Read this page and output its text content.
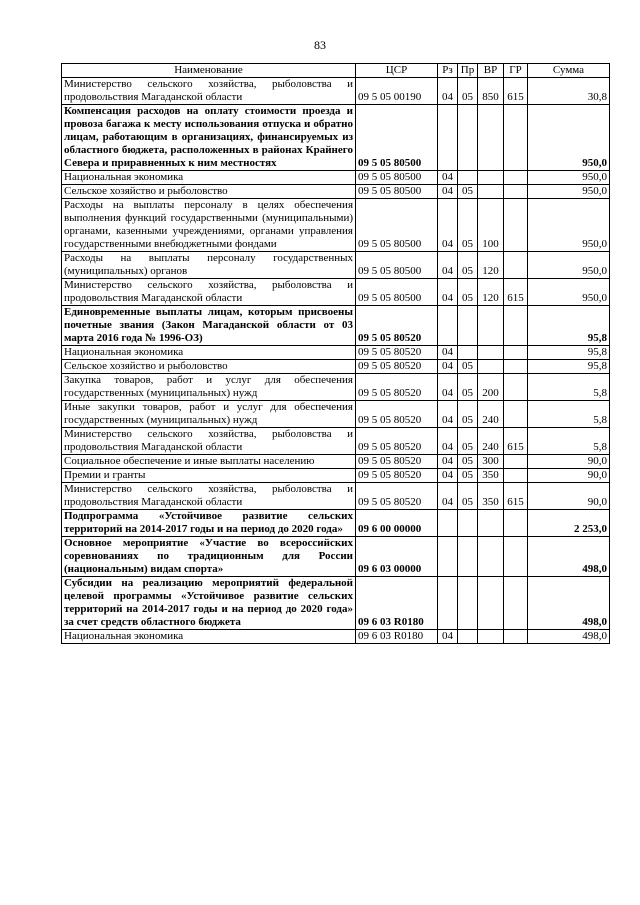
83
Наименование	ЦСР	Рз	Пр	ВР	ГР	Сумма
Министерство сельского хозяйства, рыболовства и продовольствия Магаданской области	09 5 05 00190	04	05	850	615	30,8
Компенсация расходов на оплату стоимости проезда и провоза багажа к месту использования отпуска и обратно лицам, работающим в организациях, финансируемых из областного бюджета, расположенных в районах Крайнего Севера и приравненных к ним местностях	09 5 05 80500					950,0
Национальная экономика	09 5 05 80500	04				950,0
Сельское хозяйство и рыболовство	09 5 05 80500	04	05			950,0
Расходы на выплаты персоналу в целях обеспечения выполнения функций государственными (муниципальными) органами, казенными учреждениями, органами управления государственными внебюджетными фондами	09 5 05 80500	04	05	100		950,0
Расходы на выплаты персоналу государственных (муниципальных) органов	09 5 05 80500	04	05	120		950,0
Министерство сельского хозяйства, рыболовства и продовольствия Магаданской области	09 5 05 80500	04	05	120	615	950,0
Единовременные выплаты лицам, которым присвоены почетные звания (Закон Магаданской области от 03 марта 2016 года № 1996-ОЗ)	09 5 05 80520					95,8
Национальная экономика	09 5 05 80520	04				95,8
Сельское хозяйство и рыболовство	09 5 05 80520	04	05			95,8
Закупка товаров, работ и услуг для обеспечения государственных (муниципальных) нужд	09 5 05 80520	04	05	200		5,8
Иные закупки товаров, работ и услуг для обеспечения государственных (муниципальных) нужд	09 5 05 80520	04	05	240		5,8
Министерство сельского хозяйства, рыболовства и продовольствия Магаданской области	09 5 05 80520	04	05	240	615	5,8
Социальное обеспечение и иные выплаты населению	09 5 05 80520	04	05	300		90,0
Премии и гранты	09 5 05 80520	04	05	350		90,0
Министерство сельского хозяйства, рыболовства и продовольствия Магаданской области	09 5 05 80520	04	05	350	615	90,0
Подпрограмма «Устойчивое развитие сельских территорий на 2014-2017 годы и на период до 2020 года»	09 6 00 00000					2 253,0
Основное мероприятие «Участие во всероссийских соревнованиях по традиционным для России (национальным) видам спорта»	09 6 03 00000					498,0
Субсидии на реализацию мероприятий федеральной целевой программы «Устойчивое развитие сельских территорий на 2014-2017 годы и на период до 2020 года» за счет средств областного бюджета	09 6 03 R0180					498,0
Национальная экономика	09 6 03 R0180	04				498,0
